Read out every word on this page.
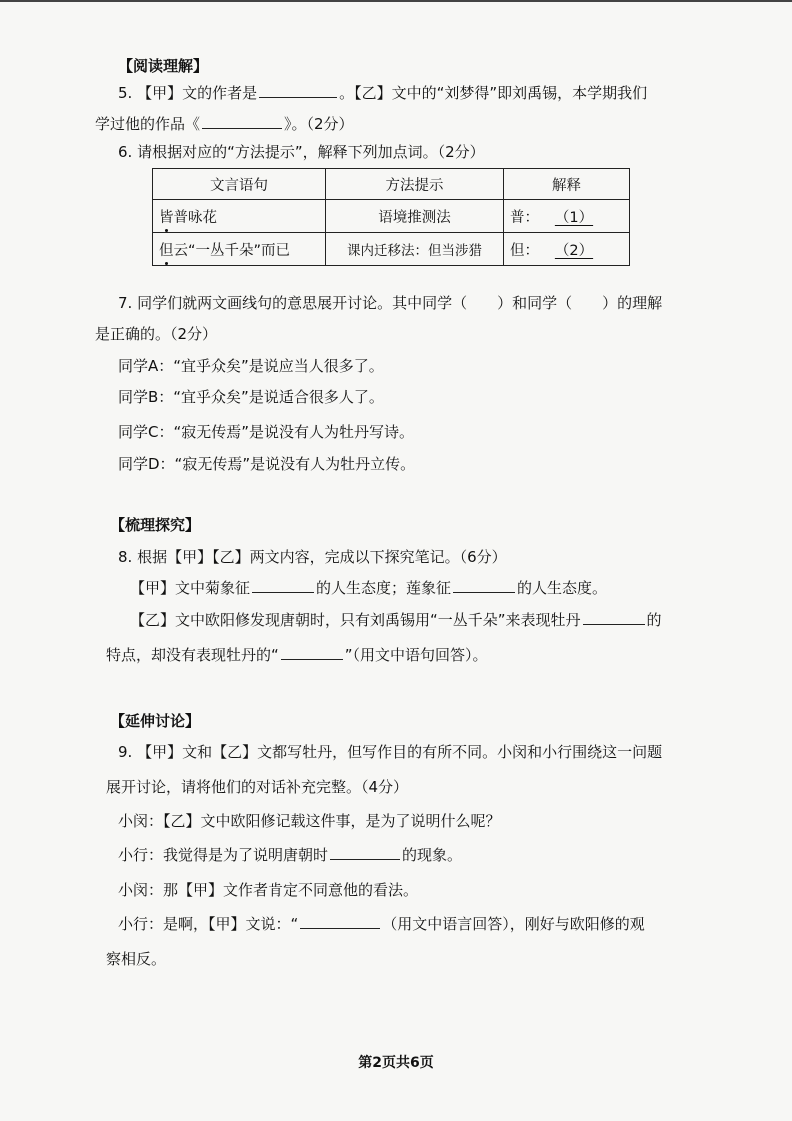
【阅读理解】
5. 【甲】文的作者是	。【乙】文中的“刘梦得”即刘禹锡，本学期我们
学过他的作品《	》。（2分）
6. 请根据对应的“方法提示”，解释下列加点词。（2分）
文言语句	方法提示	解释
皆普咏花	语境推测法	普： （1）
但云“一丛千朵”而已	课内迁移法：但当涉猎	但： （2）
7. 同学们就两文画线句的意思展开讨论。其中同学（　　）和同学（　　）的理解
是正确的。（2分）
同学A：“宜乎众矣”是说应当人很多了。
同学B：“宜乎众矣”是说适合很多人了。
同学C：“寂无传焉”是说没有人为牡丹写诗。
同学D：“寂无传焉”是说没有人为牡丹立传。
【梳理探究】
8. 根据【甲】【乙】两文内容，完成以下探究笔记。（6分）
【甲】文中菊象征	的人生态度；莲象征	的人生态度。
【乙】文中欧阳修发现唐朝时，只有刘禹锡用“一丛千朵”来表现牡丹	的
特点，却没有表现牡丹的“	”（用文中语句回答）。
【延伸讨论】
9. 【甲】文和【乙】文都写牡丹，但写作目的有所不同。小闵和小行围绕这一问题
展开讨论，请将他们的对话补充完整。（4分）
小闵：【乙】文中欧阳修记载这件事，是为了说明什么呢？
小行：我觉得是为了说明唐朝时	的现象。
小闵：那【甲】文作者肯定不同意他的看法。
小行：是啊，【甲】文说：“	（用文中语言回答），刚好与欧阳修的观
察相反。
第2页共6页
